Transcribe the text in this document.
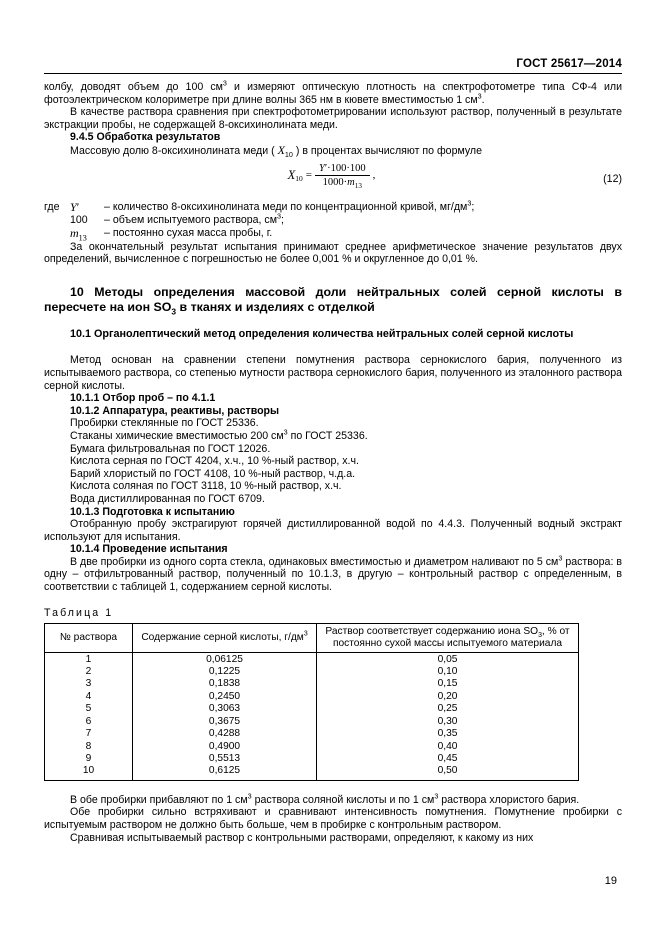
ГОСТ 25617—2014

колбу, доводят объем до 100 $см^3$ и измеряют оптическую плотность на спектрофотометре типа СФ-4 или фотоэлектрическом колориметре при длине волны 365 нм в кювете вместимостью 1 $см^3$.

В качестве раствора сравнения при спектрофотометрировании используют раствор, полученный в результате экстракции пробы, не содержащей 8-оксихинолината меди.

9.4.5 Обработка результатов

Массовую долю 8-оксихинолината меди ( $X_{10}$ ) в процентах вычисляют по формуле

$X_{10} = \frac{Y'\cdot 100\cdot 100}{1000\cdot m_{13}}$ ,	(12)
где Y′	– количество 8-оксихинолината меди по концентрационной кривой, $мг/дм^3$;
100	– объем испытуемого раствора, $см^3$;
$m_{13}$	– постоянно сухая масса пробы, г.

За окончательный результат испытания принимают среднее арифметическое значение результатов двух определений, вычисленное с погрешностью не более 0,001 % и округленное до 0,01 %.

10 Методы определения массовой доли нейтральных солей серной кислоты в пересчете на ион $SO_3$ в тканях и изделиях с отделкой
10.1 Органолептический метод определения количества нейтральных солей серной кислоты

Метод основан на сравнении степени помутнения раствора сернокислого бария, полученного из испытываемого раствора, со степенью мутности раствора сернокислого бария, полученного из эталонного раствора серной кислоты.

10.1.1 Отбор проб – по 4.1.1
10.1.2 Аппаратура, реактивы, растворы

Пробирки стеклянные по ГОСТ 25336.

Стаканы химические вместимостью 200 $см^3$ по ГОСТ 25336.

Бумага фильтровальная по ГОСТ 12026.

Кислота серная по ГОСТ 4204, х.ч., 10 %-ный раствор, х.ч.

Барий хлористый по ГОСТ 4108, 10 %-ный раствор, ч.д.а.

Кислота соляная по ГОСТ 3118, 10 %-ный раствор, х.ч.

Вода дистиллированная по ГОСТ 6709.

10.1.3 Подготовка к испытанию

Отобранную пробу экстрагируют горячей дистиллированной водой по 4.4.3. Полученный водный экстракт используют для испытания.

10.1.4 Проведение испытания

В две пробирки из одного сорта стекла, одинаковых вместимостью и диаметром наливают по 5 $см^3$ раствора: в одну – отфильтрованный раствор, полученный по 10.1.3, в другую – контрольный раствор с определенным, в соответствии с таблицей 1, содержанием серной кислоты.

Таблица 1
№ раствора	Содержание серной кислоты, $г/дм^3$	Раствор соответствует содержанию иона $SO_3$, % от постоянно сухой массы испытуемого материала
1	0,06125	0,05
2	0,1225	0,10
3	0,1838	0,15
4	0,2450	0,20
5	0,3063	0,25
6	0,3675	0,30
7	0,4288	0,35
8	0,4900	0,40
9	0,5513	0,45
10	0,6125	0,50

В обе пробирки прибавляют по 1 $см^3$ раствора соляной кислоты и по 1 $см^3$ раствора хлористого бария.

Обе пробирки сильно встряхивают и сравнивают интенсивность помутнения. Помутнение пробирки с испытуемым раствором не должно быть больше, чем в пробирке с контрольным раствором.

Сравнивая испытываемый раствор с контрольными растворами, определяют, к какому из них

19
